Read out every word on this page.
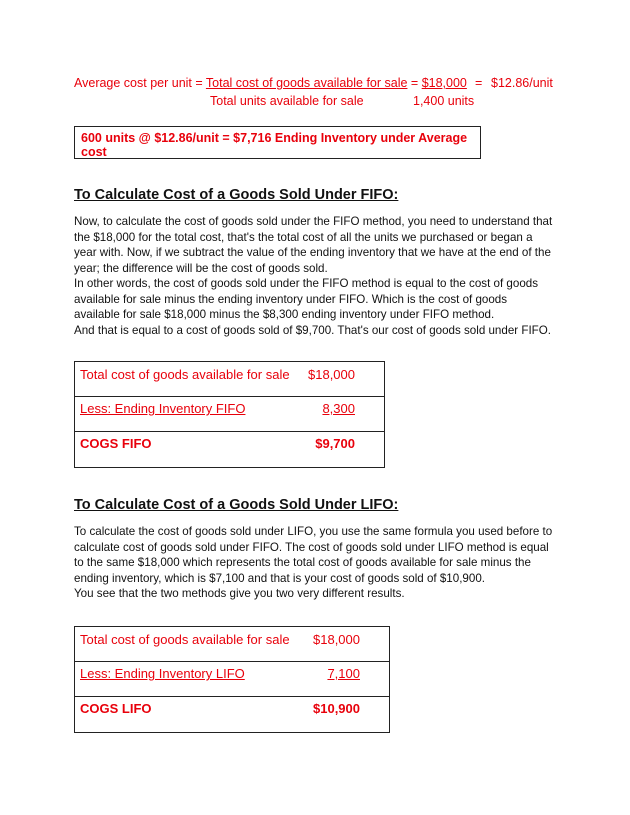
Average cost per unit = Total cost of goods available for sale = $18,000 = $12.86/unit
Total units available for sale	1,400 units
600 units @ $12.86/unit = $7,716 Ending Inventory under Average cost
To Calculate Cost of a Goods Sold Under FIFO:

Now, to calculate the cost of goods sold under the FIFO method, you need to understand that the $18,000 for the total cost, that's the total cost of all the units we purchased or began a year with. Now, if we subtract the value of the ending inventory that we have at the end of the year; the difference will be the cost of goods sold.

In other words, the cost of goods sold under the FIFO method is equal to the cost of goods available for sale minus the ending inventory under FIFO. Which is the cost of goods available for sale $18,000 minus the $8,300 ending inventory under FIFO method.

And that is equal to a cost of goods sold of $9,700. That's our cost of goods sold under FIFO.

Total cost of goods available for sale	$18,000
Less: Ending Inventory FIFO	8,300
COGS FIFO	$9,700
To Calculate Cost of a Goods Sold Under LIFO:

To calculate the cost of goods sold under LIFO, you use the same formula you used before to calculate cost of goods sold under FIFO. The cost of goods sold under LIFO method is equal to the same $18,000 which represents the total cost of goods available for sale minus the ending inventory, which is $7,100 and that is your cost of goods sold of $10,900.

You see that the two methods give you two very different results.

Total cost of goods available for sale	$18,000
Less: Ending Inventory LIFO	7,100
COGS LIFO	$10,900
